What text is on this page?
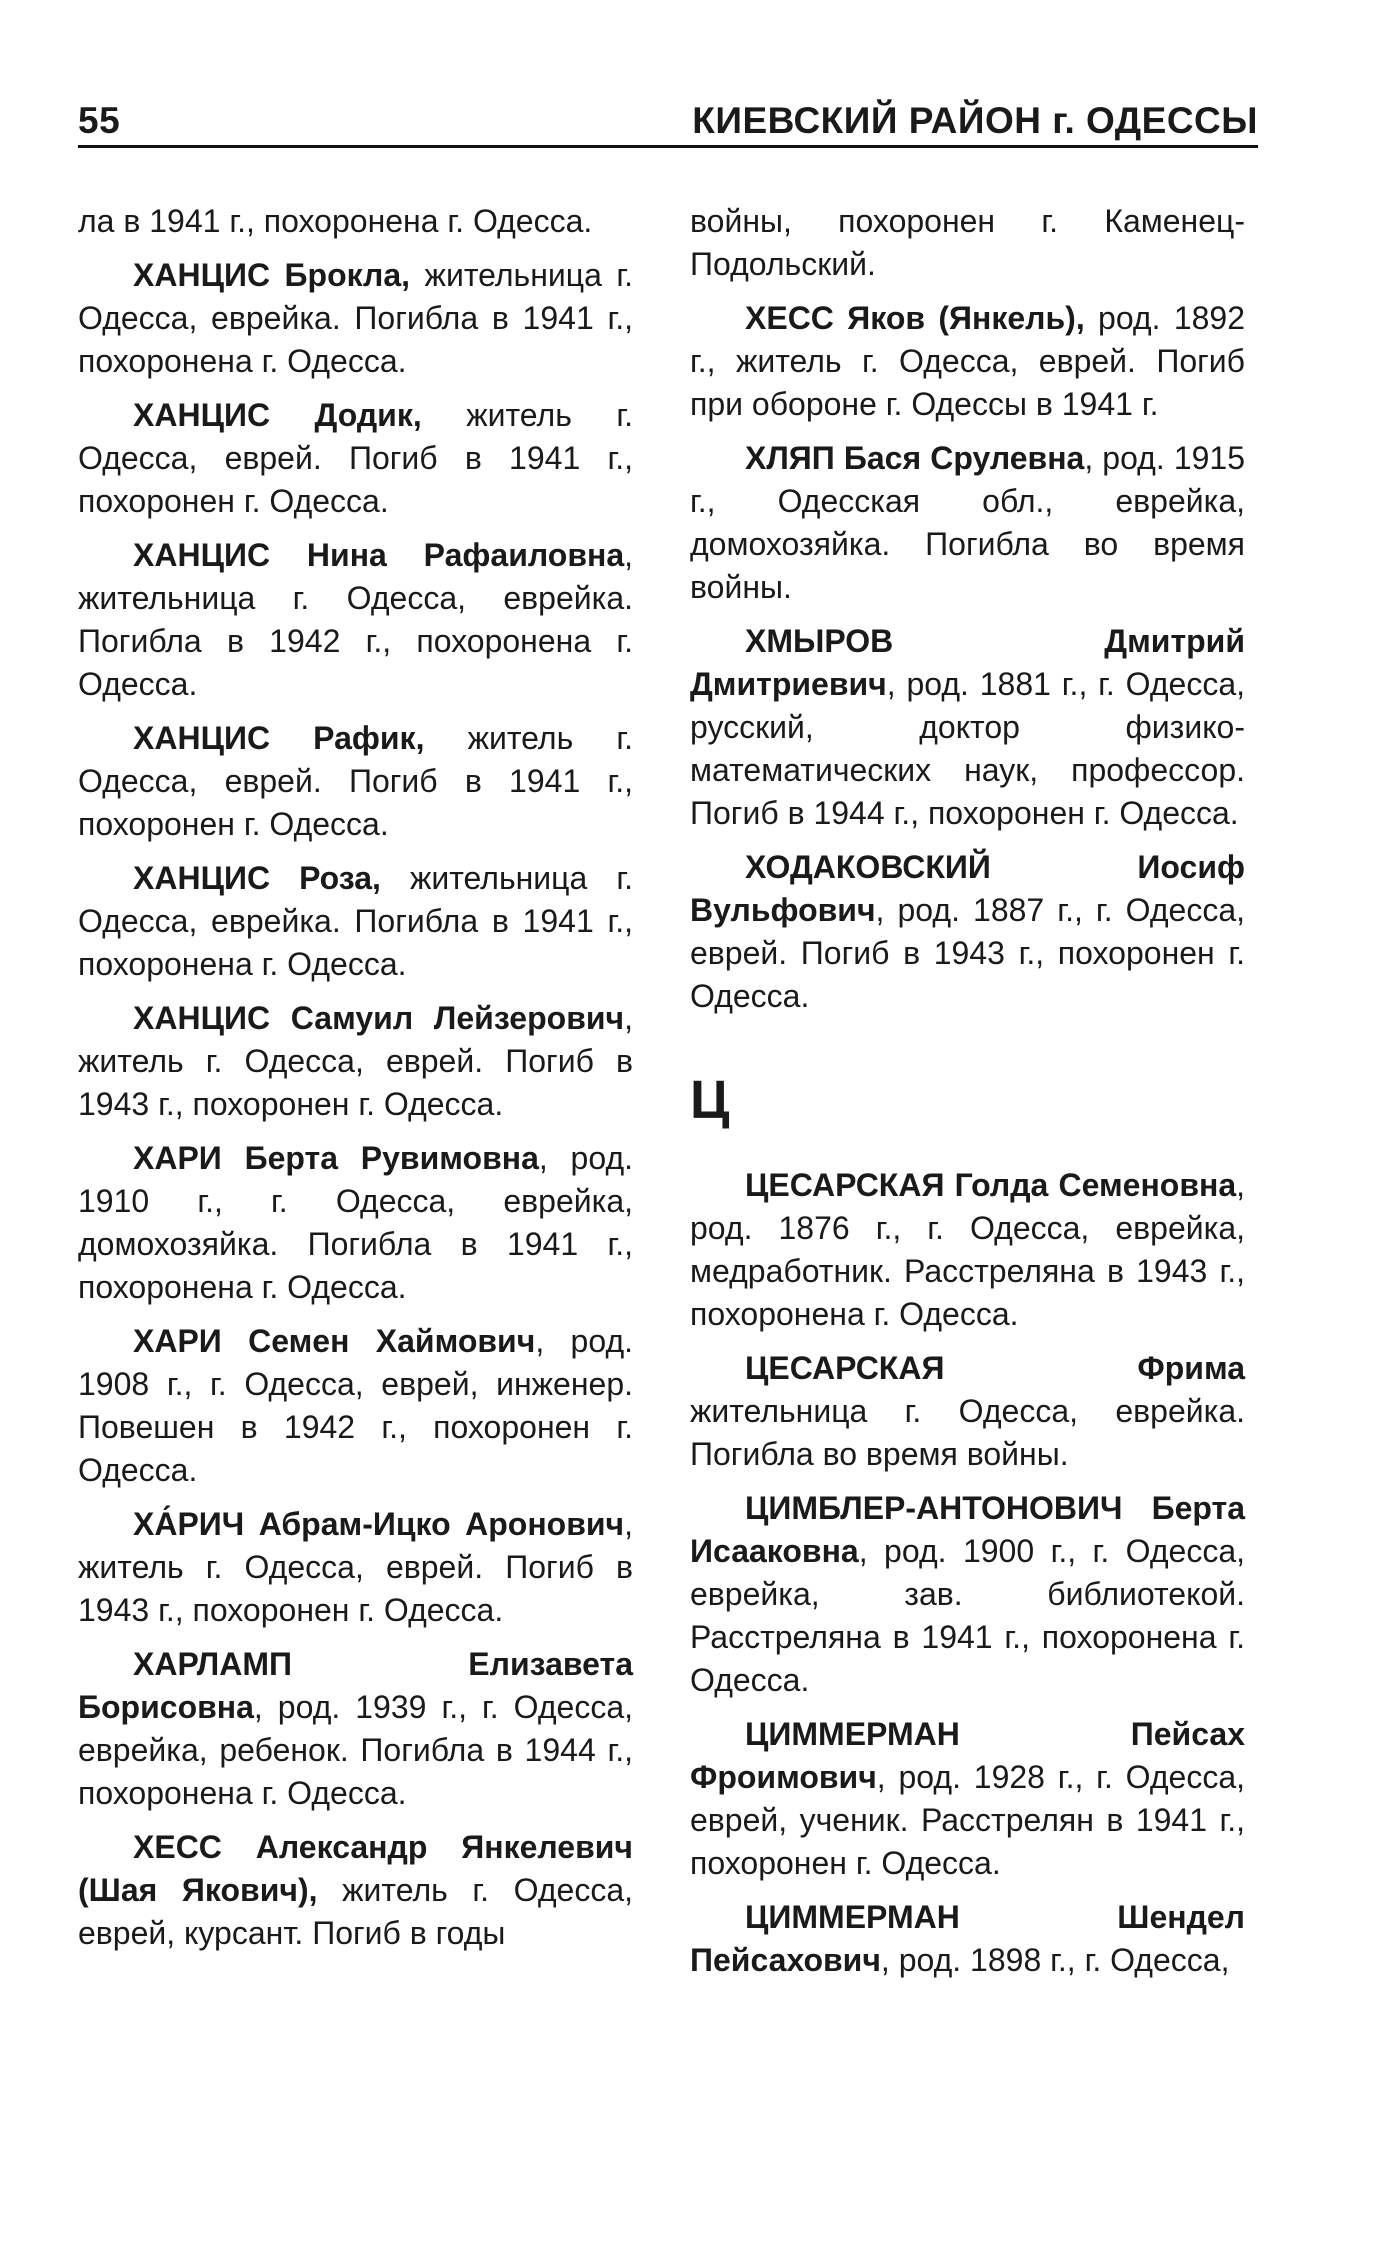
55	КИЕВСКИЙ РАЙОН г. ОДЕССЫ

ла в 1941 г., похоронена г. Одесса.

ХАНЦИС Брокла, жительница г. Одесса, еврейка. Погибла в 1941 г., похоронена г. Одесса.

ХАНЦИС Додик, житель г. Одесса, еврей. Погиб в 1941 г., похоронен г. Одесса.

ХАНЦИС Нина Рафаиловна, жительница г. Одесса, еврейка. Погибла в 1942 г., похоронена г. Одесса.

ХАНЦИС Рафик, житель г. Одесса, еврей. Погиб в 1941 г., похоронен г. Одесса.

ХАНЦИС Роза, жительница г. Одесса, еврейка. Погибла в 1941 г., похоронена г. Одесса.

ХАНЦИС Самуил Лейзерович, житель г. Одесса, еврей. Погиб в 1943 г., похоронен г. Одесса.

ХАРИ Берта Рувимовна, род. 1910 г., г. Одесса, еврейка, домохозяйка. Погибла в 1941 г., похоронена г. Одесса.

ХАРИ Семен Хаймович, род. 1908 г., г. Одесса, еврей, инженер. Повешен в 1942 г., похоронен г. Одесса.

ХА́РИЧ Абрам-Ицко Аронович, житель г. Одесса, еврей. Погиб в 1943 г., похоронен г. Одесса.

ХАРЛАМП Елизавета Борисовна, род. 1939 г., г. Одесса, еврейка, ребенок. Погибла в 1944 г., похоронена г. Одесса.

ХЕСС Александр Янкелевич (Шая Якович), житель г. Одесса, еврей, курсант. Погиб в годы

войны, похоронен г. Каменец-Подольский.

ХЕСС Яков (Янкель), род. 1892 г., житель г. Одесса, еврей. Погиб при обороне г. Одессы в 1941 г.

ХЛЯП Бася Срулевна, род. 1915 г., Одесская обл., еврейка, домохозяйка. Погибла во время войны.

ХМЫРОВ Дмитрий Дмитриевич, род. 1881 г., г. Одесса, русский, доктор физико-математических наук, профессор. Погиб в 1944 г., похоронен г. Одесса.

ХОДАКОВСКИЙ Иосиф Вульфович, род. 1887 г., г. Одесса, еврей. Погиб в 1943 г., похоронен г. Одесса.

Ц

ЦЕСАРСКАЯ Голда Семеновна, род. 1876 г., г. Одесса, еврейка, медработник. Расстреляна в 1943 г., похоронена г. Одесса.

ЦЕСАРСКАЯ Фрима жительница г. Одесса, еврейка. Погибла во время войны.

ЦИМБЛЕР-АНТОНОВИЧ Берта Исааковна, род. 1900 г., г. Одесса, еврейка, зав. библиотекой. Расстреляна в 1941 г., похоронена г. Одесса.

ЦИММЕРМАН Пейсах Фроимович, род. 1928 г., г. Одесса, еврей, ученик. Расстрелян в 1941 г., похоронен г. Одесса.

ЦИММЕРМАН Шендел Пейсахович, род. 1898 г., г. Одесса,
